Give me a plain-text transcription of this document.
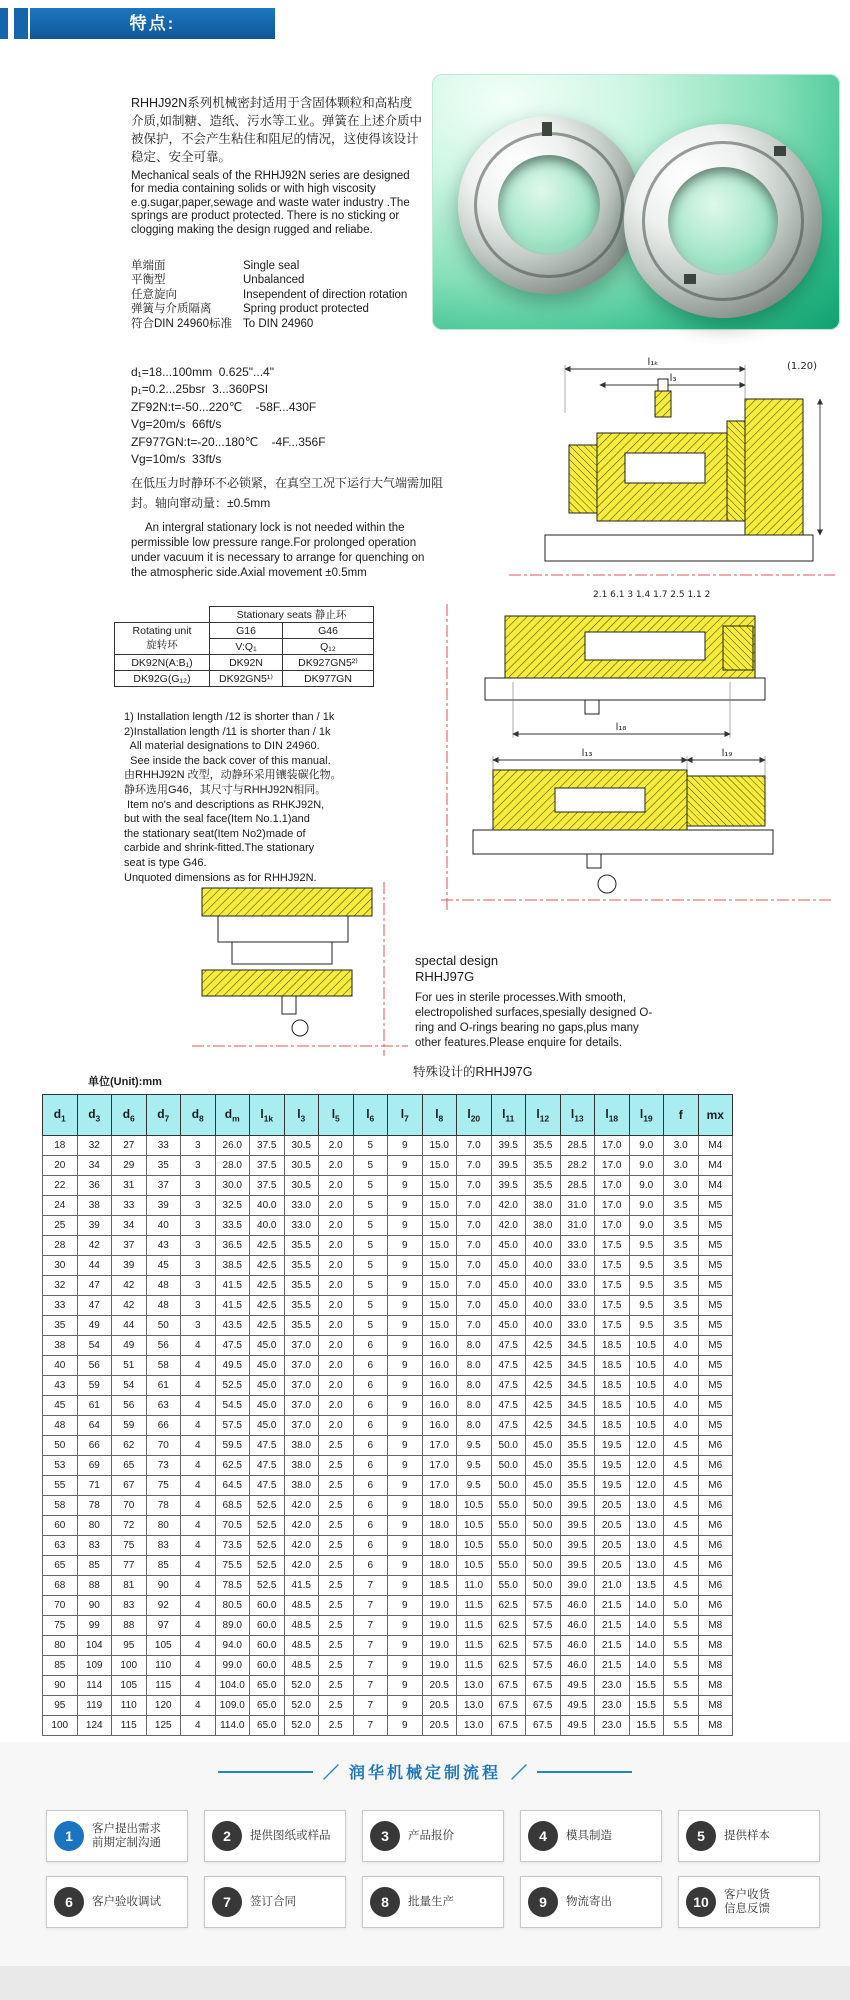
特点:
RHHJ92N系列机械密封适用于含固体颗粒和高粘度介质,如制糖、造纸、污水等工业。弹簧在上述介质中被保护，不会产生粘住和阻尼的情况，这使得该设计稳定、安全可靠。
Mechanical seals of the RHHJ92N series are designed for media containing solids or with high viscosity e.g.sugar,paper,sewage and waste water industry .The springs are product protected. There is no sticking or clogging making the design rugged and reliabe.
单端面	Single seal
平衡型	Unbalanced
任意旋向	Insependent of direction rotation
弹簧与介质隔离	Spring product protected
符合DIN 24960标准 To DIN 24960
d₁=18...100mm  0.625"...4"
p₁=0.2...25bsr  3...360PSI
ZF92N:t=-50...220℃    -58F...430F
Vg=20m/s  66ft/s
ZF977GN:t=-20...180℃    -4F...356F
Vg=10m/s  33ft/s
在低压力时静环不必锁紧，在真空工况下运行大气端需加阻封。轴向窜动量：±0.5mm
An intergral stationary lock is not needed within the permissible low pressure range.For prolonged operation under vacuum it is necessary to arrange for quenching on the atmospheric side.Axial movement ±0.5mm
l₁ₖ
l₃
(1.20)
2.1 6.1 3 1.4 1.7 2.5 1.1 2
	Stationary seats 静止环	

Rotating unit
旋转环	G16	G46
	V:Q₁	Q₁₂
DK92N(A:B₁)	DK92N	DK927GN5²⁾
DK92G(G₁₂)	DK92GN5¹⁾	DK977GN
1) Installation length /12 is shorter than / 1k
2)Installation length /11 is shorter than / 1k
All material designations to DIN 24960.
See inside the back cover of this manual.
由RHHJ92N 改型，动静环采用镶装碳化物。
静环选用G46，其尺寸与RHHJ92N相同。
Item no's and descriptions as RHKJ92N,
but with the seal face(Item No.1.1)and
the stationary seat(Item No2)made of
carbide and shrink-fitted.The stationary
seat is type G46.
Unquoted dimensions as for RHHJ92N.
l₁₈
l₁₃	l₁₉
spectal design
RHHJ97G
For ues in sterile processes.With smooth, electropolished surfaces,spesially designed O-ring and O-rings bearing no gaps,plus many other features.Please enquire for details.
特殊设计的RHHJ97G
单位(Unit):mm
$d_1$	$d_3$	$d_6$	$d_7$	$d_8$	$d_m$	$l_{1k}$	$l_3$	$l_5$	$l_6$	$l_7$	$l_8$	$l_{20}$	$l_{11}$	$l_{12}$	$l_{13}$	$l_{18}$	$l_{19}$	f	mx
18	32	27	33	3	26.0	37.5	30.5	2.0	5	9	15.0	7.0	39.5	35.5	28.5	17.0	9.0	3.0	M4
20	34	29	35	3	28.0	37.5	30.5	2.0	5	9	15.0	7.0	39.5	35.5	28.2	17.0	9.0	3.0	M4
22	36	31	37	3	30.0	37.5	30.5	2.0	5	9	15.0	7.0	39.5	35.5	28.5	17.0	9.0	3.0	M4
24	38	33	39	3	32.5	40.0	33.0	2.0	5	9	15.0	7.0	42.0	38.0	31.0	17.0	9.0	3.5	M5
25	39	34	40	3	33.5	40.0	33.0	2.0	5	9	15.0	7.0	42.0	38.0	31.0	17.0	9.0	3.5	M5
28	42	37	43	3	36.5	42.5	35.5	2.0	5	9	15.0	7.0	45.0	40.0	33.0	17.5	9.5	3.5	M5
30	44	39	45	3	38.5	42.5	35.5	2.0	5	9	15.0	7.0	45.0	40.0	33.0	17.5	9.5	3.5	M5
32	47	42	48	3	41.5	42.5	35.5	2.0	5	9	15.0	7.0	45.0	40.0	33.0	17.5	9.5	3.5	M5
33	47	42	48	3	41.5	42.5	35.5	2.0	5	9	15.0	7.0	45.0	40.0	33.0	17.5	9.5	3.5	M5
35	49	44	50	3	43.5	42.5	35.5	2.0	5	9	15.0	7.0	45.0	40.0	33.0	17.5	9.5	3.5	M5
38	54	49	56	4	47.5	45.0	37.0	2.0	6	9	16.0	8.0	47.5	42.5	34.5	18.5	10.5	4.0	M5
40	56	51	58	4	49.5	45.0	37.0	2.0	6	9	16.0	8.0	47.5	42.5	34.5	18.5	10.5	4.0	M5
43	59	54	61	4	52.5	45.0	37.0	2.0	6	9	16.0	8.0	47.5	42.5	34.5	18.5	10.5	4.0	M5
45	61	56	63	4	54.5	45.0	37.0	2.0	6	9	16.0	8.0	47.5	42.5	34.5	18.5	10.5	4.0	M5
48	64	59	66	4	57.5	45.0	37.0	2.0	6	9	16.0	8.0	47.5	42.5	34.5	18.5	10.5	4.0	M5
50	66	62	70	4	59.5	47.5	38.0	2.5	6	9	17.0	9.5	50.0	45.0	35.5	19.5	12.0	4.5	M6
53	69	65	73	4	62.5	47.5	38.0	2.5	6	9	17.0	9.5	50.0	45.0	35.5	19.5	12.0	4.5	M6
55	71	67	75	4	64.5	47.5	38.0	2.5	6	9	17.0	9.5	50.0	45.0	35.5	19.5	12.0	4.5	M6
58	78	70	78	4	68.5	52.5	42.0	2.5	6	9	18.0	10.5	55.0	50.0	39.5	20.5	13.0	4.5	M6
60	80	72	80	4	70.5	52.5	42.0	2.5	6	9	18.0	10.5	55.0	50.0	39.5	20.5	13.0	4.5	M6
63	83	75	83	4	73.5	52.5	42.0	2.5	6	9	18.0	10.5	55.0	50.0	39.5	20.5	13.0	4.5	M6
65	85	77	85	4	75.5	52.5	42.0	2.5	6	9	18.0	10.5	55.0	50.0	39.5	20.5	13.0	4.5	M6
68	88	81	90	4	78.5	52.5	41.5	2.5	7	9	18.5	11.0	55.0	50.0	39.0	21.0	13.5	4.5	M6
70	90	83	92	4	80.5	60.0	48.5	2.5	7	9	19.0	11.5	62.5	57.5	46.0	21.5	14.0	5.0	M6
75	99	88	97	4	89.0	60.0	48.5	2.5	7	9	19.0	11.5	62.5	57.5	46.0	21.5	14.0	5.5	M8
80	104	95	105	4	94.0	60.0	48.5	2.5	7	9	19.0	11.5	62.5	57.5	46.0	21.5	14.0	5.5	M8
85	109	100	110	4	99.0	60.0	48.5	2.5	7	9	19.0	11.5	62.5	57.5	46.0	21.5	14.0	5.5	M8
90	114	105	115	4	104.0	65.0	52.0	2.5	7	9	20.5	13.0	67.5	67.5	49.5	23.0	15.5	5.5	M8
95	119	110	120	4	109.0	65.0	52.0	2.5	7	9	20.5	13.0	67.5	67.5	49.5	23.0	15.5	5.5	M8
100	124	115	125	4	114.0	65.0	52.0	2.5	7	9	20.5	13.0	67.5	67.5	49.5	23.0	15.5	5.5	M8
／ 润华机械定制流程 ／
1	客户提出需求
前期定制沟通	2	提供图纸或样品	3	产品报价	4	模具制造	5	提供样本
6	客户验收调试	7	签订合同	8	批量生产	9	物流寄出	10	客户收货
信息反馈
